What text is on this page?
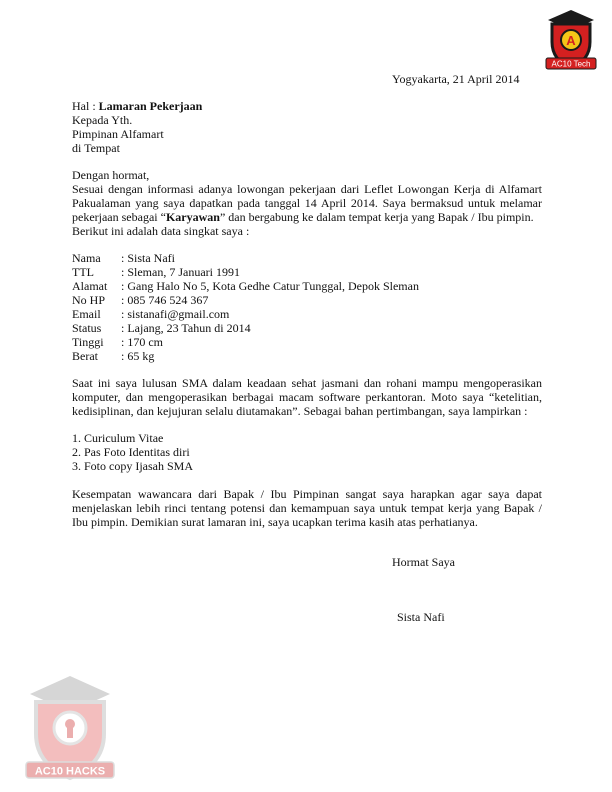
A
AC10 Tech
Yogyakarta, 21 April 2014
Hal : Lamaran Pekerjaan
Kepada Yth.
Pimpinan Alfamart
di Tempat
Dengan hormat,
Sesuai dengan informasi adanya lowongan pekerjaan dari Leflet Lowongan Kerja di Alfamart
Pakualaman yang saya dapatkan pada tanggal 14 April 2014. Saya bermaksud untuk melamar
pekerjaan sebagai “Karyawan” dan bergabung ke dalam tempat kerja yang Bapak / Ibu pimpin.
Berikut ini adalah data singkat saya :
Nama : Sista Nafi
TTL : Sleman, 7 Januari 1991
Alamat : Gang Halo No 5, Kota Gedhe Catur Tunggal, Depok Sleman
No HP : 085 746 524 367
Email : sistanafi@gmail.com
Status : Lajang, 23 Tahun di 2014
Tinggi : 170 cm
Berat : 65 kg
Saat ini saya lulusan SMA dalam keadaan sehat jasmani dan rohani mampu mengoperasikan
komputer, dan mengoperasikan berbagai macam software perkantoran. Moto saya “ketelitian,
kedisiplinan, dan kejujuran selalu diutamakan”. Sebagai bahan pertimbangan, saya lampirkan :
1. Curiculum Vitae
2. Pas Foto Identitas diri
3. Foto copy Ijasah SMA
Kesempatan wawancara dari Bapak / Ibu Pimpinan sangat saya harapkan agar saya dapat
menjelaskan lebih rinci tentang potensi dan kemampuan saya untuk tempat kerja yang Bapak /
Ibu pimpin. Demikian surat lamaran ini, saya ucapkan terima kasih atas perhatianya.
Hormat Saya
Sista Nafi
AC10 HACKS
